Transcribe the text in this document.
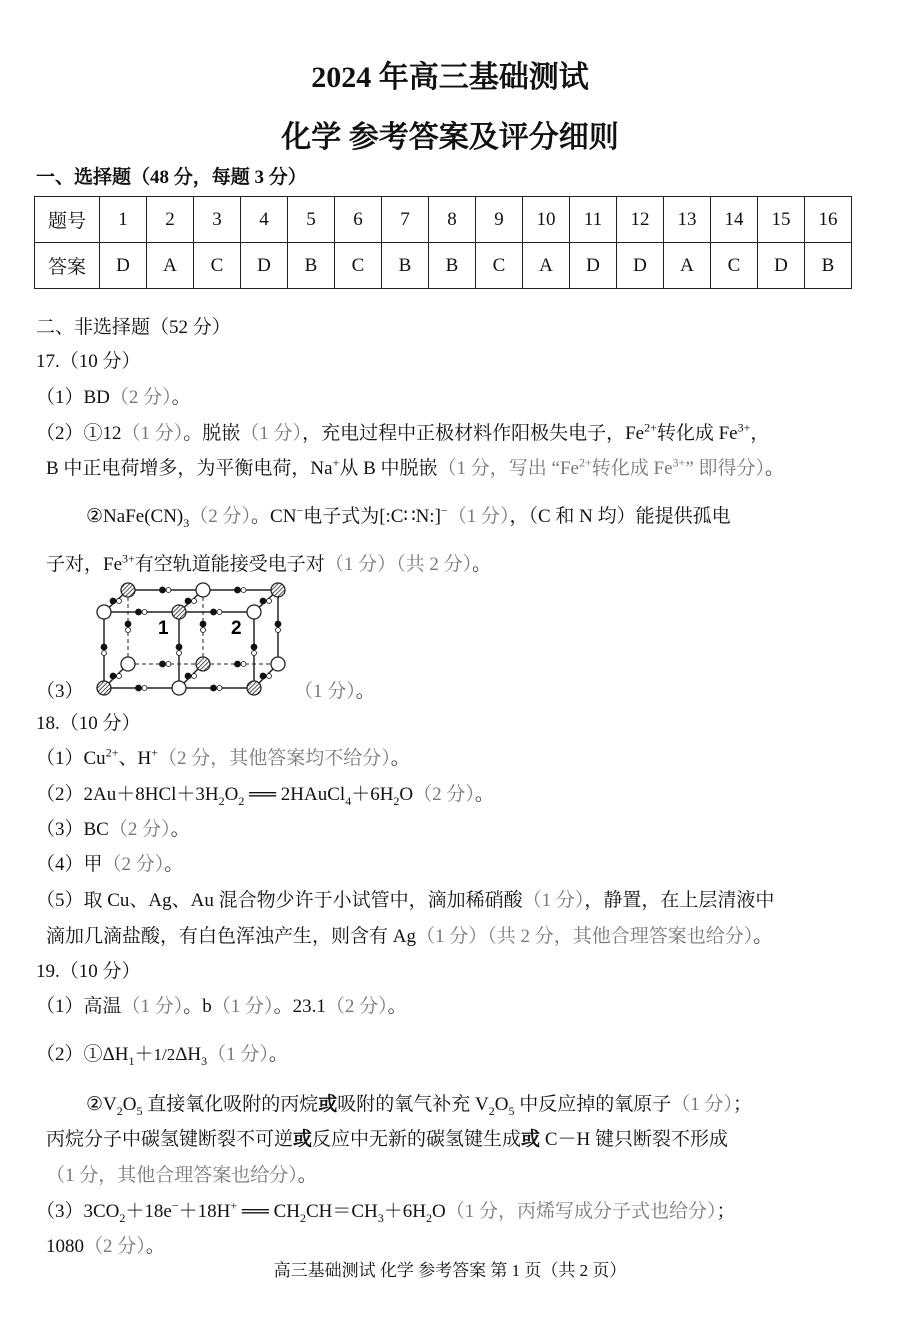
2024 年高三基础测试
化学 参考答案及评分细则
一、选择题（48 分，每题 3 分）
题号	1	2	3	4	5	6	7	8	9	10	11	12	13	14	15	16
答案	D	A	C	D	B	C	B	B	C	A	D	D	A	C	D	B
二、非选择题（52 分）
17.（10 分）
（1）BD（2 分）。
（2）①12（1 分）。脱嵌（1 分），充电过程中正极材料作阳极失电子，$Fe^{2+}$转化成 $Fe^{3+}$，
B 中正电荷增多，为平衡电荷，Na+从 B 中脱嵌（1 分，写出 “$Fe^{2+}$转化成 $Fe^{3+}$” 即得分）。
$②NaFe(CN)_3(2$ 分）。CN−电子式为[:C∷N:]−（1 分），（C 和 N 均）能提供孤电
子对，$Fe^{3+}$有空轨道能接受电子对（1 分）（共 2 分）。
（3）	（1 分）。
18.（10 分）
$(1)Cu^{2+}$、H+（2 分，其他答案均不给分）。
$(2)2Au+8HCl+3H_2O_2$ ══ $2HAuCl_4+6H_2O(2$ 分）。
（3）BC（2 分）。
（4）甲（2 分）。
（5）取 Cu、Ag、Au 混合物少许于小试管中，滴加稀硝酸（1 分），静置，在上层清液中
滴加几滴盐酸，有白色浑浊产生，则含有 Ag（1 分）（共 2 分，其他合理答案也给分）。
19.（10 分）
（1）高温（1 分）。b（1 分）。23.1（2 分）。
$(2)①\Delta H_1+1/2\Delta H_3(1$ 分）。
$②V_2O_5$ 直接氧化吸附的丙烷或吸附的氧气补充 $V_2O_5$ 中反应掉的氧原子（1 分）；
丙烷分子中碳氢键断裂不可逆或反应中无新的碳氢键生成或 C－H 键只断裂不形成
（1 分，其他合理答案也给分）。
$(3)3CO_2+18e^-+18H^+$ ══ $CH_2CH=CH_3+6H_2O(1$ 分，丙烯写成分子式也给分）；
1080（2 分）。
1	2
高三基础测试 化学 参考答案 第 1 页（共 2 页）
